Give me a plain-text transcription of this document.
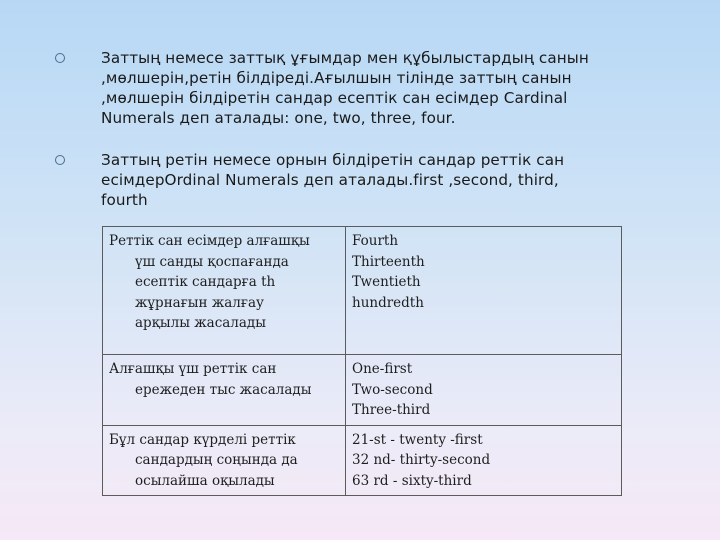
Заттың немесе заттық ұғымдар мен құбылыстардың санын
,мөлшерін,ретін білдіреді.Ағылшын тілінде заттың санын
,мөлшерін білдіретін сандар есептік сан есімдер Cardinal
Numerals деп аталады: one, two, three, four.
Заттың ретін немесе орнын білдіретін сандар реттік сан
есімдерOrdinal Numerals деп аталады.first ,second, third,
fourth
Реттік сан есімдер алғашқы
үш санды қоспағанда
есептік сандарға th
жұрнағын жалғау
арқылы жасалады	Fourth
Thirteenth
Twentieth
hundredth

Алғашқы үш реттік сан
ережеден тыс жасалады	One-first
Two-second
Three-third

Бұл сандар күрделі реттік
сандардың соңында да
осылайша оқылады	21-st - twenty -first
32 nd- thirty-second
63 rd - sixty-third
